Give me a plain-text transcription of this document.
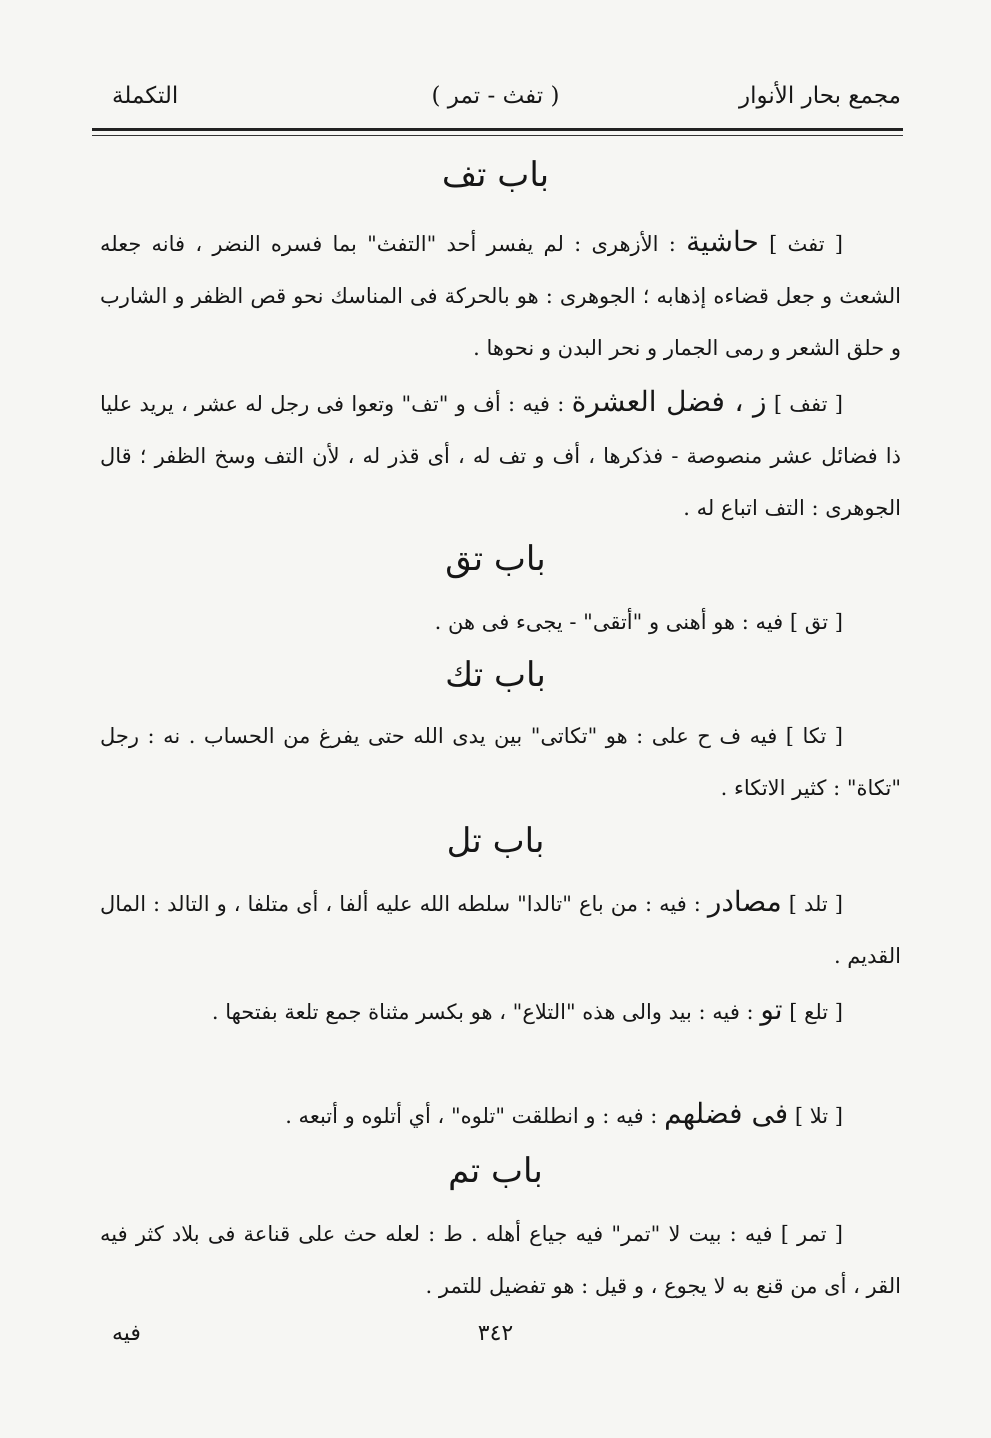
مجمع بحار الأنوار
( تفث - تمر )
التكملة
باب تف
[ تفث ] حاشية : الأزهرى : لم يفسر أحد "التفث" بما فسره النضر ، فانه جعله الشعث و جعل قضاءه إذهابه ؛ الجوهرى : هو بالحركة فى المناسك نحو قص الظفر و الشارب و حلق الشعر و رمى الجمار و نحر البدن و نحوها .
[ تفف ] ز ، فضل العشرة : فيه : أف و "تف" وتعوا فى رجل له عشر ، يريد عليا ذا فضائل عشر منصوصة - فذكرها ، أف و تف له ، أى قذر له ، لأن التف وسخ الظفر ؛ قال الجوهرى : التف اتباع له .
باب تق
[ تق ] فيه : هو أهنى و "أتقى" - يجىء فى هن .
باب تك
[ تكا ] فيه ف ح على : هو "تكاتى" بين يدى الله حتى يفرغ من الحساب . نه : رجل "تكاة" : كثير الاتكاء .
باب تل
[ تلد ] مصادر : فيه : من باع "تالدا" سلطه الله عليه ألفا ، أى متلفا ، و التالد : المال القديم .
[ تلع ] تو : فيه : بيد والى هذه "التلاع" ، هو بكسر مثناة جمع تلعة بفتحها .
[ تلا ] فى فضلهم : فيه : و انطلقت "تلوه" ، أي أتلوه و أتبعه .
باب تم
[ تمر ] فيه : بيت لا "تمر" فيه جياع أهله . ط : لعله حث على قناعة فى بلاد كثر فيه القر ، أى من قنع به لا يجوع ، و قيل : هو تفضيل للتمر .
٣٤٢
فيه
